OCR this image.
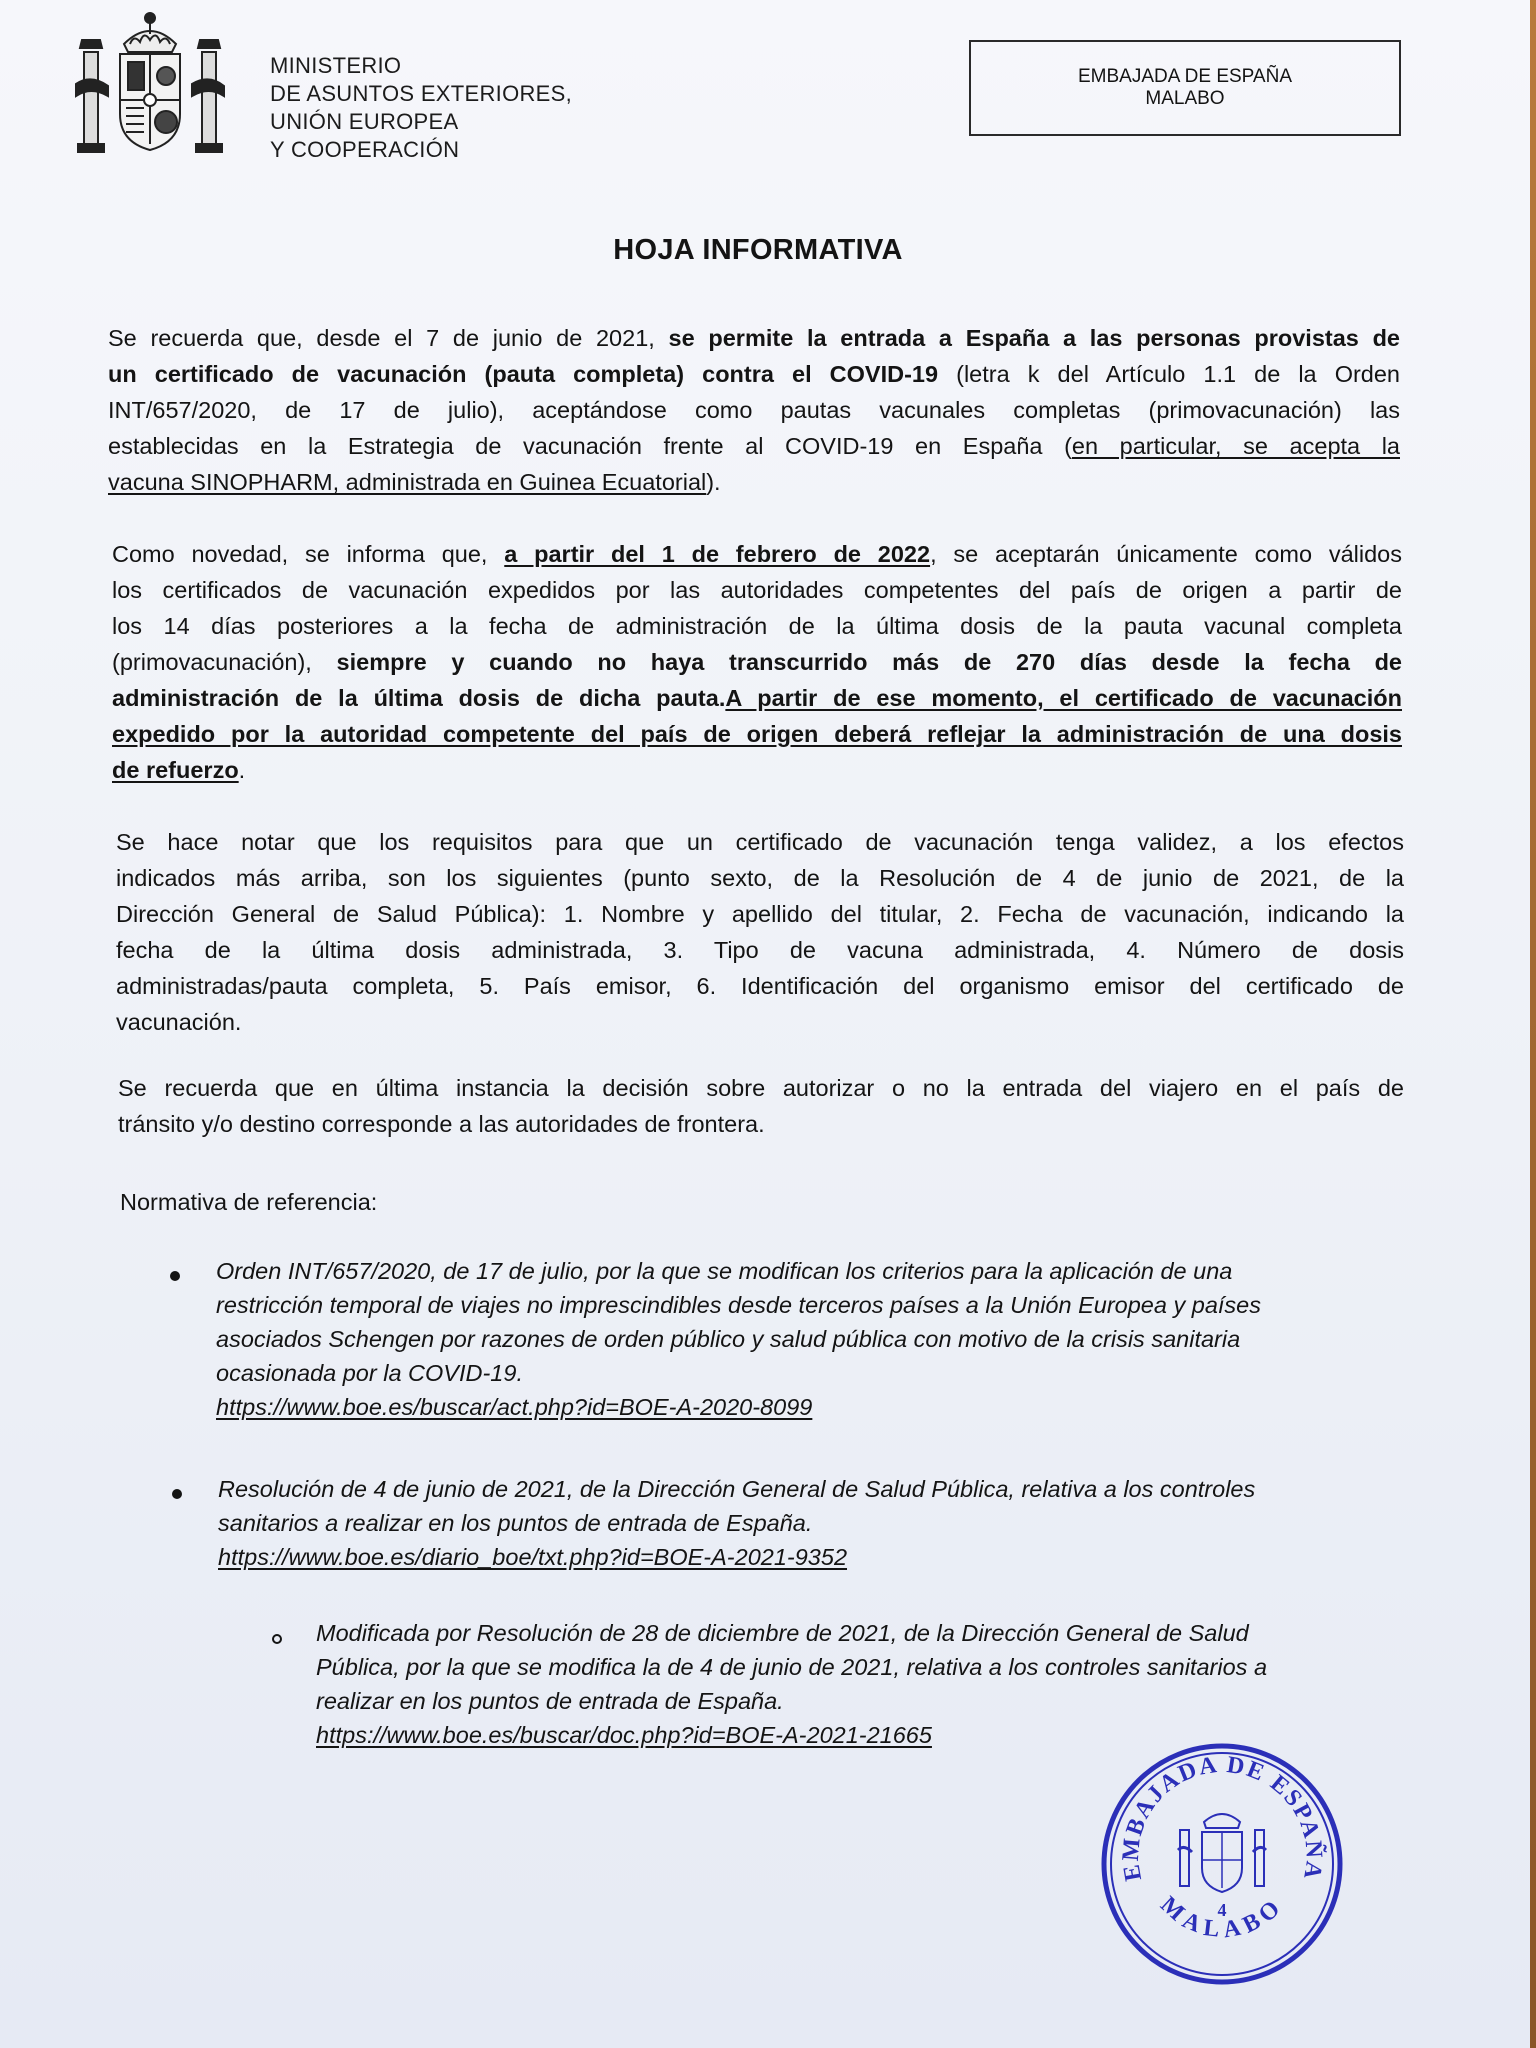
MINISTERIO
DE ASUNTOS EXTERIORES,
UNIÓN EUROPEA
Y COOPERACIÓN
EMBAJADA DE ESPAÑA
MALABO
HOJA INFORMATIVA
Se recuerda que, desde el 7 de junio de 2021, se permite la entrada a España a las personas provistas de
un certificado de vacunación (pauta completa) contra el COVID-19 (letra k del Artículo 1.1 de la Orden
INT/657/2020, de 17 de julio), aceptándose como pautas vacunales completas (primovacunación) las
establecidas en la Estrategia de vacunación frente al COVID-19 en España (en particular, se acepta la
vacuna SINOPHARM, administrada en Guinea Ecuatorial).
Como novedad, se informa que, a partir del 1 de febrero de 2022, se aceptarán únicamente como válidos
los certificados de vacunación expedidos por las autoridades competentes del país de origen a partir de
los 14 días posteriores a la fecha de administración de la última dosis de la pauta vacunal completa
(primovacunación), siempre y cuando no haya transcurrido más de 270 días desde la fecha de
administración de la última dosis de dicha pauta.A partir de ese momento, el certificado de vacunación
expedido por la autoridad competente del país de origen deberá reflejar la administración de una dosis
de refuerzo.
Se hace notar que los requisitos para que un certificado de vacunación tenga validez, a los efectos
indicados más arriba, son los siguientes (punto sexto, de la Resolución de 4 de junio de 2021, de la
Dirección General de Salud Pública): 1. Nombre y apellido del titular, 2. Fecha de vacunación, indicando la
fecha de la última dosis administrada, 3. Tipo de vacuna administrada, 4. Número de dosis
administradas/pauta completa, 5. País emisor, 6. Identificación del organismo emisor del certificado de
vacunación.
Se recuerda que en última instancia la decisión sobre autorizar o no la entrada del viajero en el país de
tránsito y/o destino corresponde a las autoridades de frontera.
Normativa de referencia:
Orden INT/657/2020, de 17 de julio, por la que se modifican los criterios para la aplicación de una
restricción temporal de viajes no imprescindibles desde terceros países a la Unión Europea y países
asociados Schengen por razones de orden público y salud pública con motivo de la crisis sanitaria
ocasionada por la COVID-19.
https://www.boe.es/buscar/act.php?id=BOE-A-2020-8099
Resolución de 4 de junio de 2021, de la Dirección General de Salud Pública, relativa a los controles
sanitarios a realizar en los puntos de entrada de España.
https://www.boe.es/diario_boe/txt.php?id=BOE-A-2021-9352
Modificada por Resolución de 28 de diciembre de 2021, de la Dirección General de Salud
Pública, por la que se modifica la de 4 de junio de 2021, relativa a los controles sanitarios a
realizar en los puntos de entrada de España.
https://www.boe.es/buscar/doc.php?id=BOE-A-2021-21665
EMBAJADA DE ESPAÑA
MALABO
4
